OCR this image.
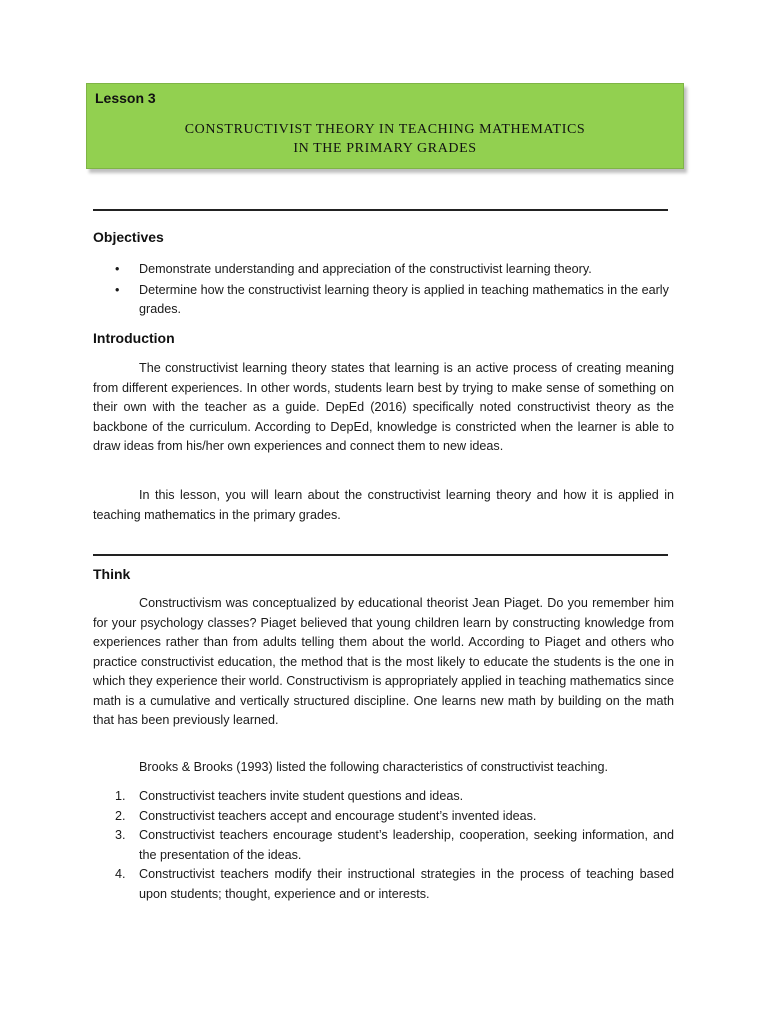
Lesson 3
CONSTRUCTIVIST THEORY IN TEACHING MATHEMATICS
IN THE PRIMARY GRADES
Objectives
• Demonstrate understanding and appreciation of the constructivist learning theory.
• Determine how the constructivist learning theory is applied in teaching mathematics in the early grades.
Introduction

The constructivist learning theory states that learning is an active process of creating meaning from different experiences. In other words, students learn best by trying to make sense of something on their own with the teacher as a guide. DepEd (2016) specifically noted constructivist theory as the backbone of the curriculum. According to DepEd, knowledge is constricted when the learner is able to draw ideas from his/her own experiences and connect them to new ideas.

In this lesson, you will learn about the constructivist learning theory and how it is applied in teaching mathematics in the primary grades.

Think

Constructivism was conceptualized by educational theorist Jean Piaget. Do you remember him for your psychology classes? Piaget believed that young children learn by constructing knowledge from experiences rather than from adults telling them about the world. According to Piaget and others who practice constructivist education, the method that is the most likely to educate the students is the one in which they experience their world. Constructivism is appropriately applied in teaching mathematics since math is a cumulative and vertically structured discipline. One learns new math by building on the math that has been previously learned.

Brooks & Brooks (1993) listed the following characteristics of constructivist teaching.

1. Constructivist teachers invite student questions and ideas.
2. Constructivist teachers accept and encourage student’s invented ideas.
3. Constructivist teachers encourage student’s leadership, cooperation, seeking information, and the presentation of the ideas.
4. Constructivist teachers modify their instructional strategies in the process of teaching based upon students; thought, experience and or interests.
